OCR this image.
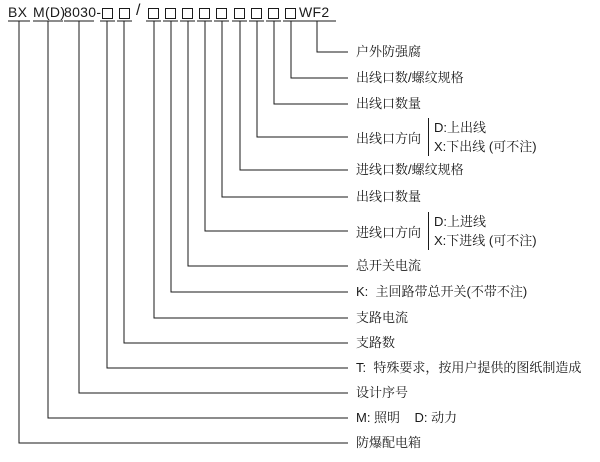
BX M(D)
8030- /	WF2
户外防强腐
出线口数/螺纹规格
出线口数量
出线口方向
D:上出线
X:下出线 (可不注)
进线口数/螺纹规格
出线口数量
进线口方向
D:上进线
X:下进线 (可不注)
总开关电流
K:  主回路带总开关(不带不注)
支路电流
支路数
T:  特殊要求，按用户提供的图纸制造成
设计序号
M: 照明    D: 动力
防爆配电箱
